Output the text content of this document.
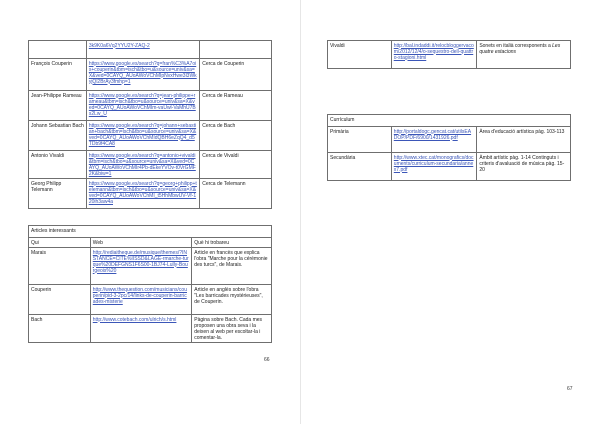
	3k9K0a6Vq2YYU2Y-ZAQ-2	
François Couperin	https://www.google.es/search?q=fran%C3%A7ois+couperin&tbm=isch&tbo=u&source=univ&sa=X&ved=0CAYQ_AUoAWoVChMIpNvxHwe3l3WkyjQl2BrAy3fmhp=1	Cerca de Couperin
Jean-Philippe Rameau	https://www.google.es/search?q=jean-philippe+rameau&tbm=isch&tbo=u&source=univ&sa=X&ved=0CAYQ_AUoAWoVChMIm-vaUwl-VaMhU7Bs2Lw_U	Cerca de Rameau
Johann Sebastian Bach	https://www.google.es/search?q=johann+sebastian+bach&tbm=isch&tbo=u&source=univ&sa=X&ved=0CAYQ_AUoAWoVChMIdQBH6eZqQ4_d5TDb9f4CA8	Cerca de Bach
Antonio Vivaldi	https://www.google.es/search?q=antonio+vivaldi&tbm=isch&tbo=u&source=univ&sa=X&ved=0CAYQ_AUoAWoVChMIr4Pb-dEkeYVOv-t0VrGMF2K&biw=1	Cerca de Vivaldi
Georg Philipp Telemann	https://www.google.es/search?q=georg+philipp+telemann&tbm=isch&tbo=u&source=univ&sa=X&ved=0CAYQ_AUoAWoVChMI_t5HhMbwUV-Vf-120ih3aw4a	Cerca de Telemann
Articles interessants		
Qui	Web	Què hi trobareu
Marais	http://rediaitheque.de/musique/themes/?INSTANCE=CITE%IISSD&LAGE-rmarche-turque%20DEFGNS1F6S00-1BJ74-Lully-Bourgeois%20	Article en francès que explica l'obra "Marche pour la cérémonie des turcs", de Marais.
Couperin	http://www.thequestion.com/musicians/couperin/pid-3-2pc/14/links-de-couperin-barricades-misterie	Article en anglès sobre l'obra "Les barricades mystérieuses", de Couperin.
Bach	http://www.cotebach.com/ulrich/s.html	Pàgina sobre Bach. Cada mes proposen una obra seva i la deixen al web per escoltar-la i comentar-la.
66
Vivaldi	http://bal.indaddi.it/relocbloggervacom/2012/12/4/o-sequestro-dell-quattro-stagioni.html	Sonets en italià corresponents a Les quatre estacions
Currículum		
Primària	http://portaldogc.gencat.cat/utilsEADOP/PDF/6900/1431926.pdf	Àrea d'educació artística pàg. 103-113
Secundària	http://www.xtec.cat/monografics/documents/curriculum-secundaria/annex7.pdf	Àmbit artístic pàg. 1-14 Continguts i criteris d'avaluació de música pàg. 15-20
67
